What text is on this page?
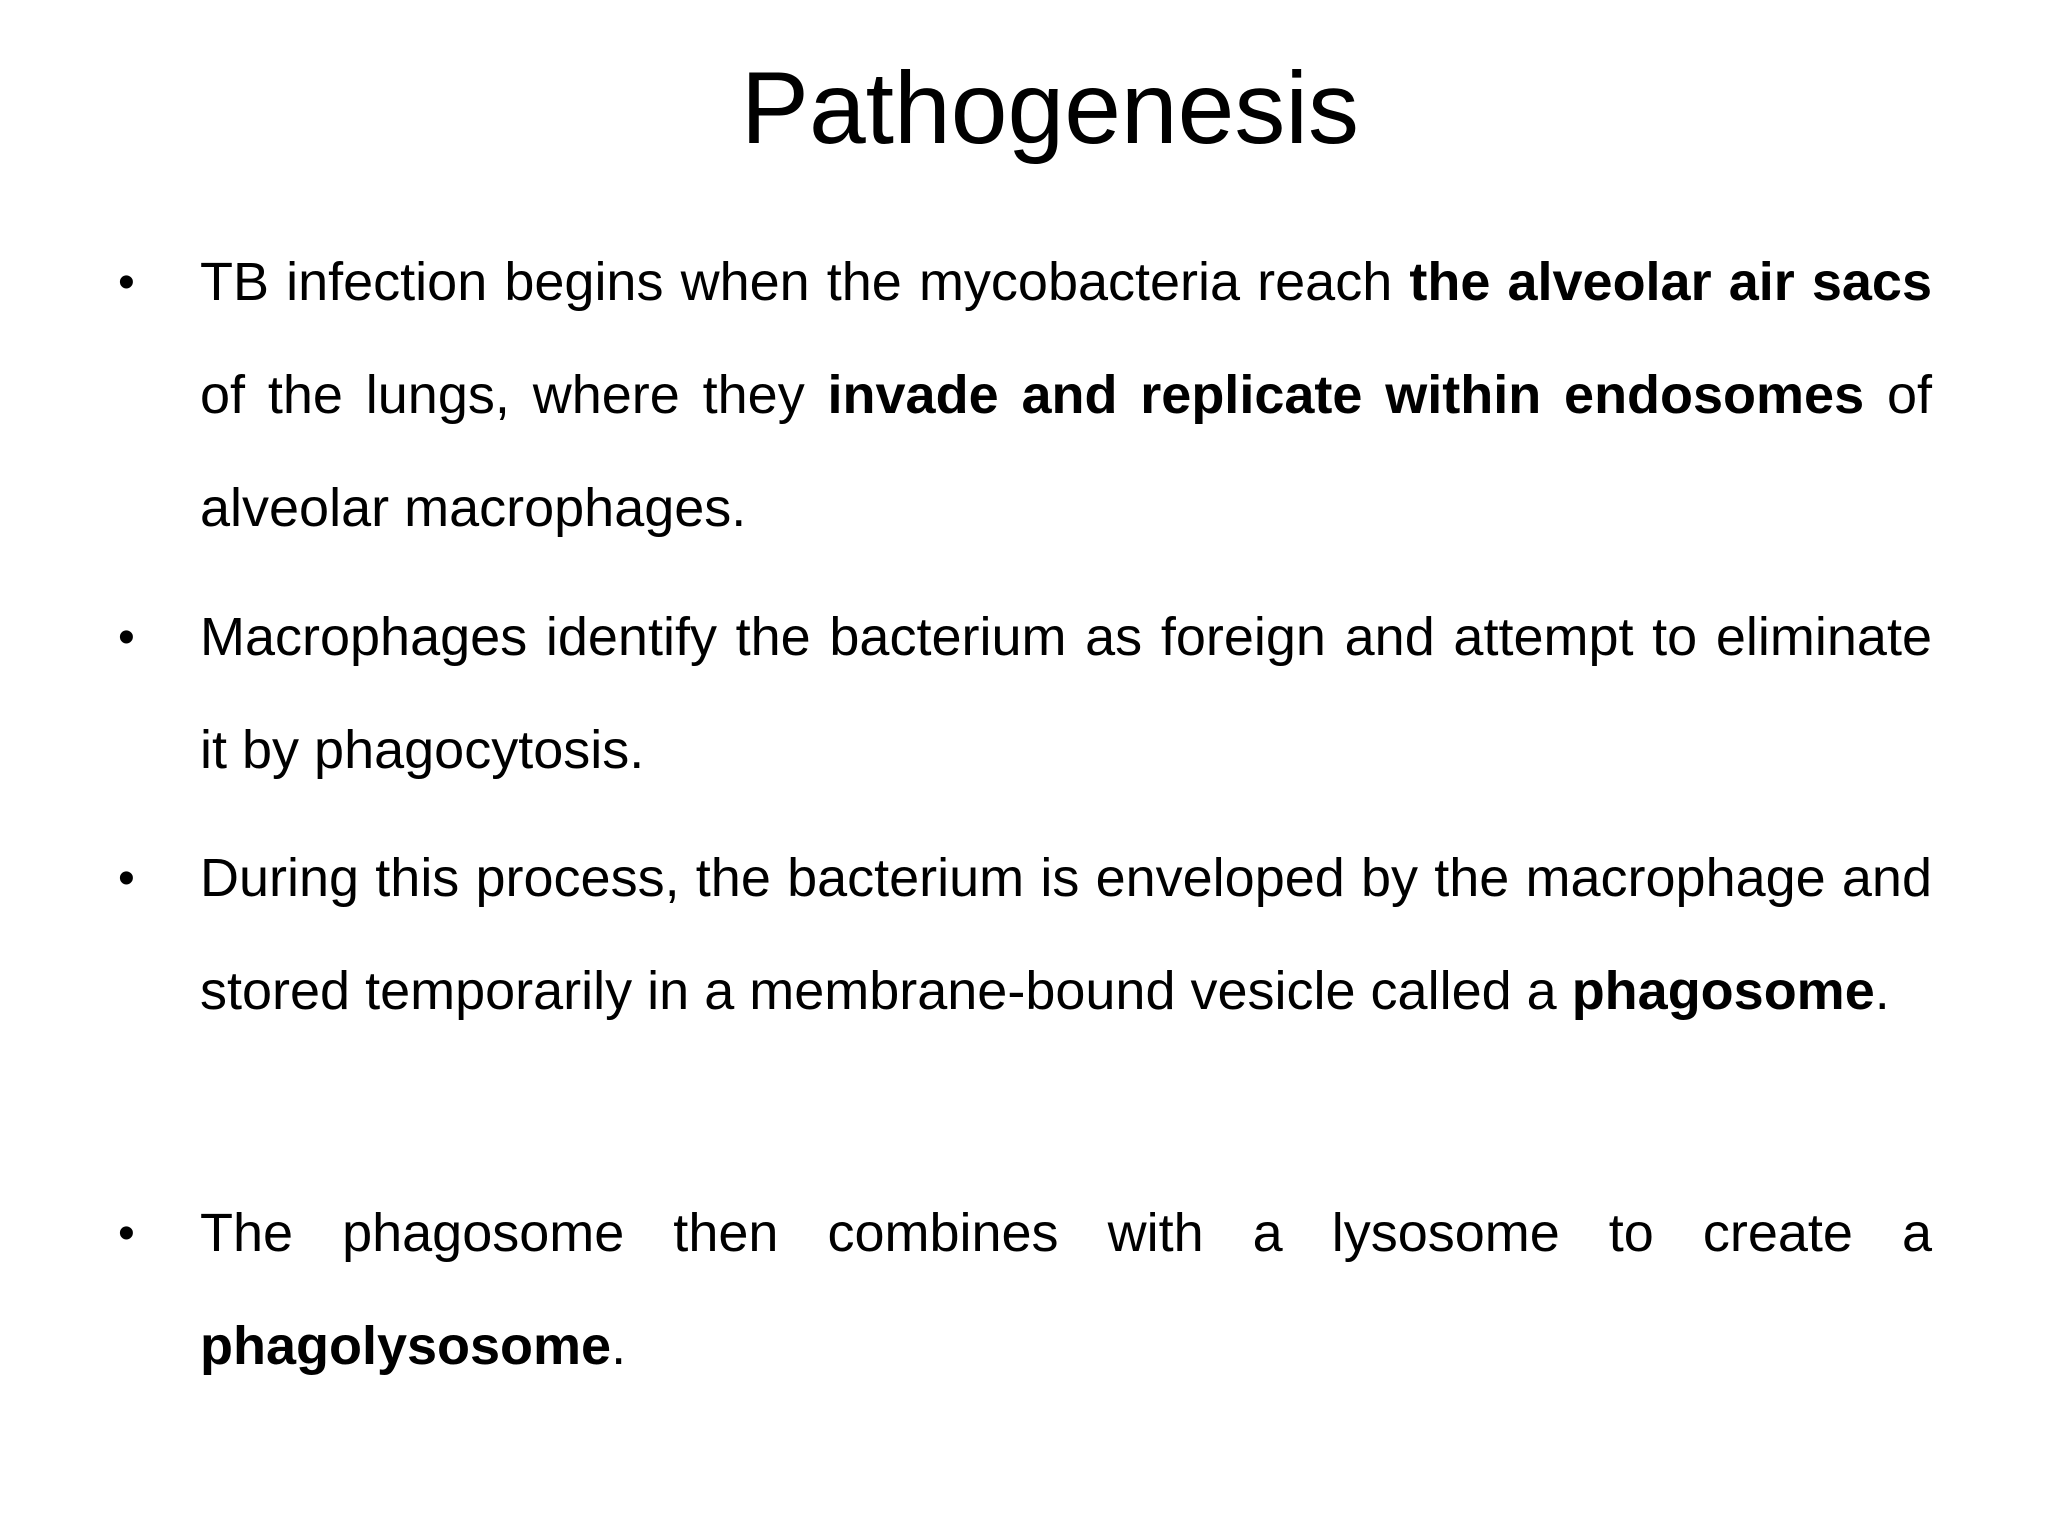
Pathogenesis
• TB infection begins when the mycobacteria reach the alveolar air sacs of the lungs, where they invade and replicate within endosomes of alveolar macrophages.
• Macrophages identify the bacterium as foreign and attempt to eliminate it by phagocytosis.
• During this process, the bacterium is enveloped by the macrophage and stored temporarily in a membrane-bound vesicle called a phagosome.
• The phagosome then combines with a lysosome to create a phagolysosome.
